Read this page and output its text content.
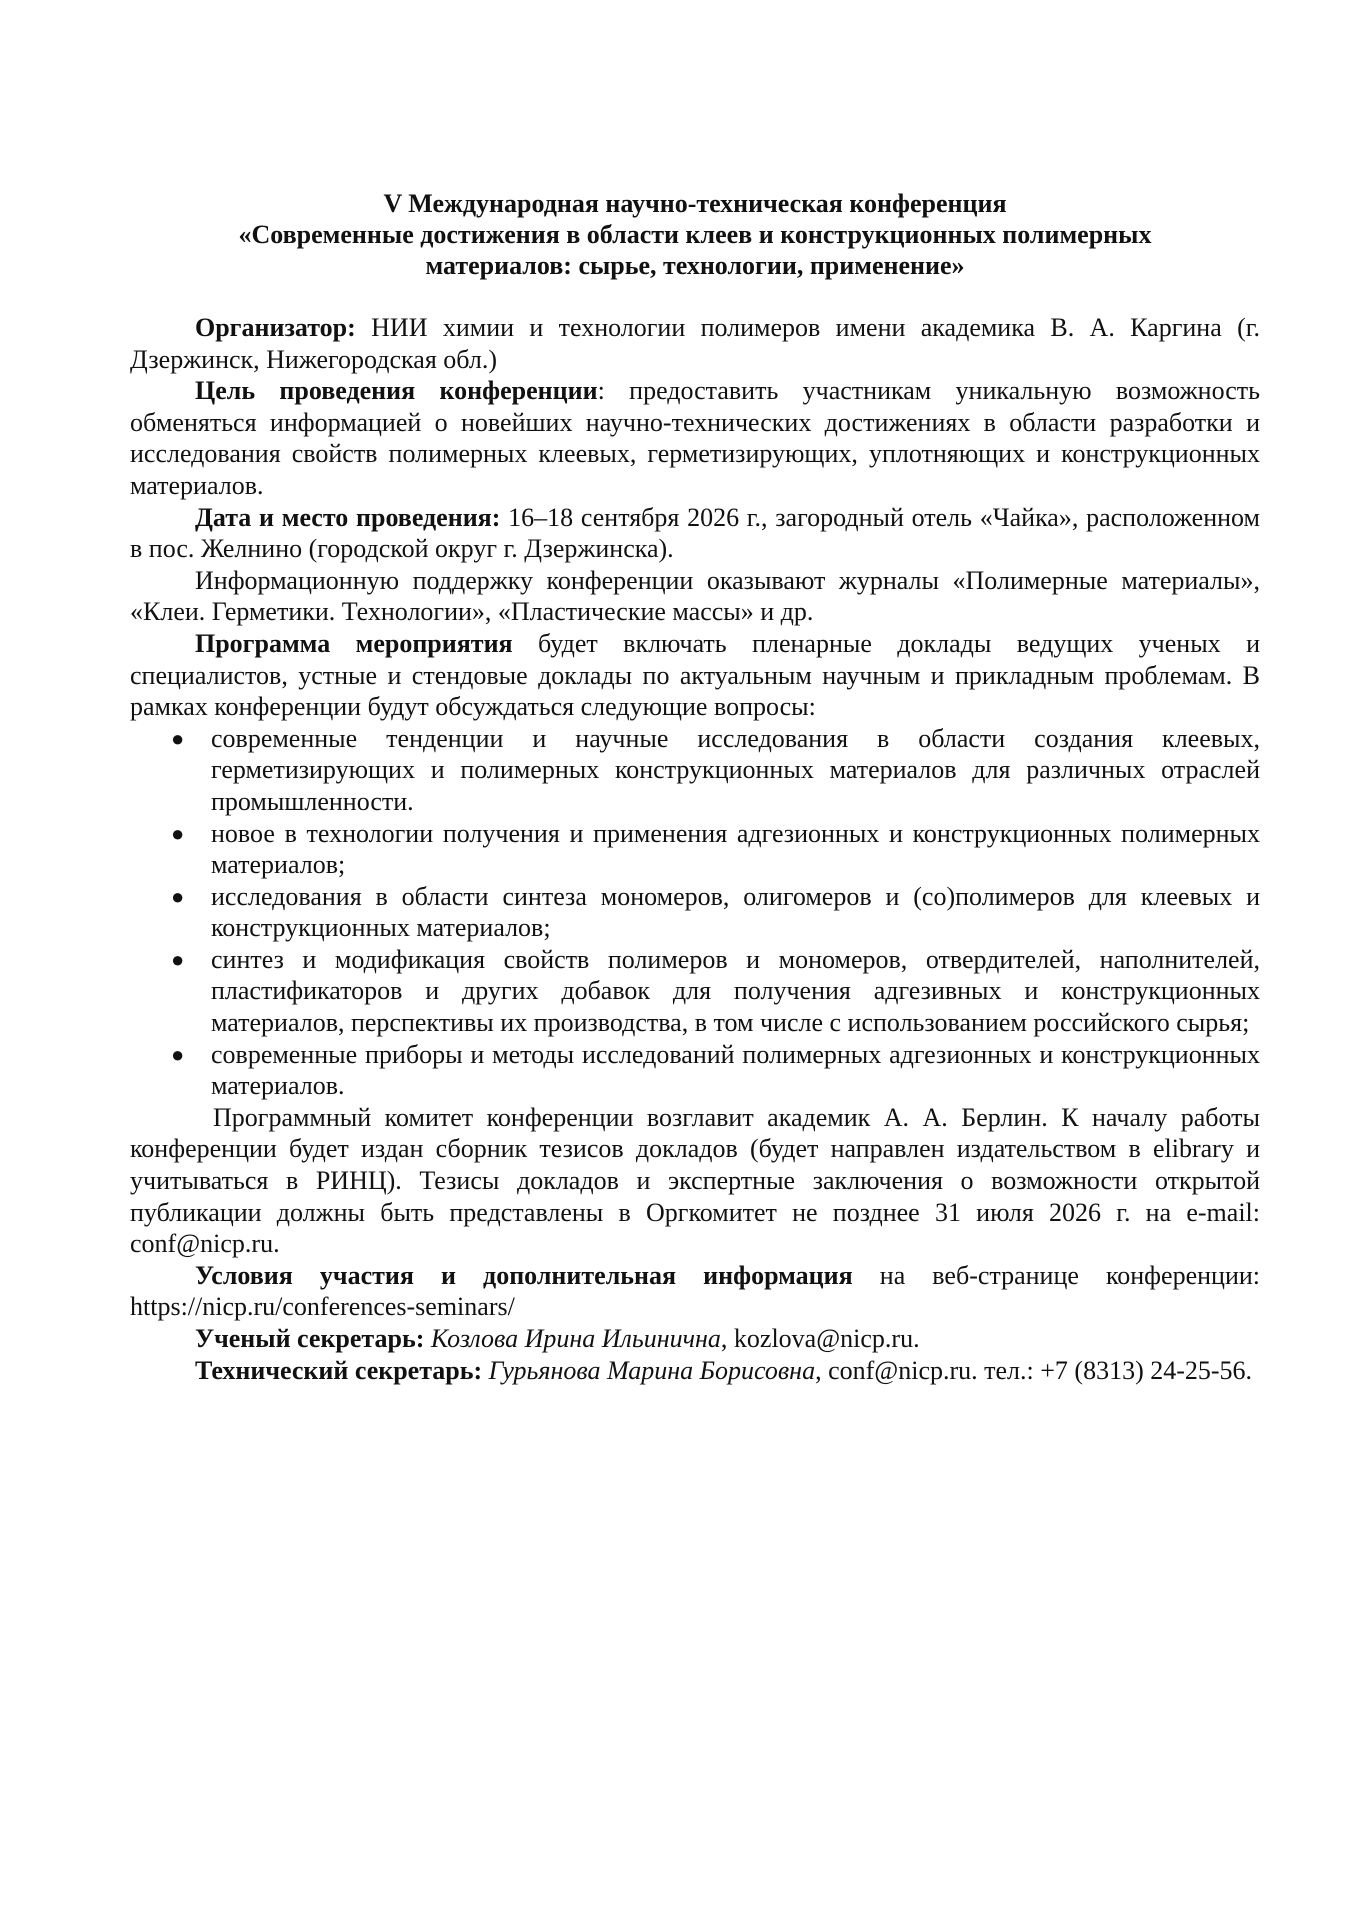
V Международная научно-техническая конференция
«Современные достижения в области клеев и конструкционных полимерных
материалов: сырье, технологии, применение»

Организатор: НИИ химии и технологии полимеров имени академика В. А. Каргина (г. Дзержинск, Нижегородская обл.)

Цель проведения конференции: предоставить участникам уникальную возможность обменяться информацией о новейших научно-технических достижениях в области разработки и исследования свойств полимерных клеевых, герметизирующих, уплотняющих и конструкционных материалов.

Дата и место проведения: 16–18 сентября 2026 г., загородный отель «Чайка», расположенном в пос. Желнино (городской округ г. Дзержинска).

Информационную поддержку конференции оказывают журналы «Полимерные материалы», «Клеи. Герметики. Технологии», «Пластические массы» и др.

Программа мероприятия будет включать пленарные доклады ведущих ученых и специалистов, устные и стендовые доклады по актуальным научным и прикладным проблемам. В рамках конференции будут обсуждаться следующие вопросы:

● современные тенденции и научные исследования в области создания клеевых, герметизирующих и полимерных конструкционных материалов для различных отраслей промышленности.
● новое в технологии получения и применения адгезионных и конструкционных полимерных материалов;
● исследования в области синтеза мономеров, олигомеров и (со)полимеров для клеевых и конструкционных материалов;
● синтез и модификация свойств полимеров и мономеров, отвердителей, наполнителей, пластификаторов и других добавок для получения адгезивных и конструкционных материалов, перспективы их производства, в том числе с использованием российского сырья;
● современные приборы и методы исследований полимерных адгезионных и конструкционных материалов.

Программный комитет конференции возглавит академик А. А. Берлин. К началу работы конференции будет издан сборник тезисов докладов (будет направлен издательством в elibrary и учитываться в РИНЦ). Тезисы докладов и экспертные заключения о возможности открытой публикации должны быть представлены в Оргкомитет не позднее 31 июля 2026 г. на e-mail: conf@nicp.ru.

Условия участия и дополнительная информация на веб-странице конференции: https://nicp.ru/conferences-seminars/

Ученый секретарь: Козлова Ирина Ильинична, kozlova@nicp.ru.

Технический секретарь: Гурьянова Марина Борисовна, conf@nicp.ru. тел.: +7 (8313) 24-25-56.
